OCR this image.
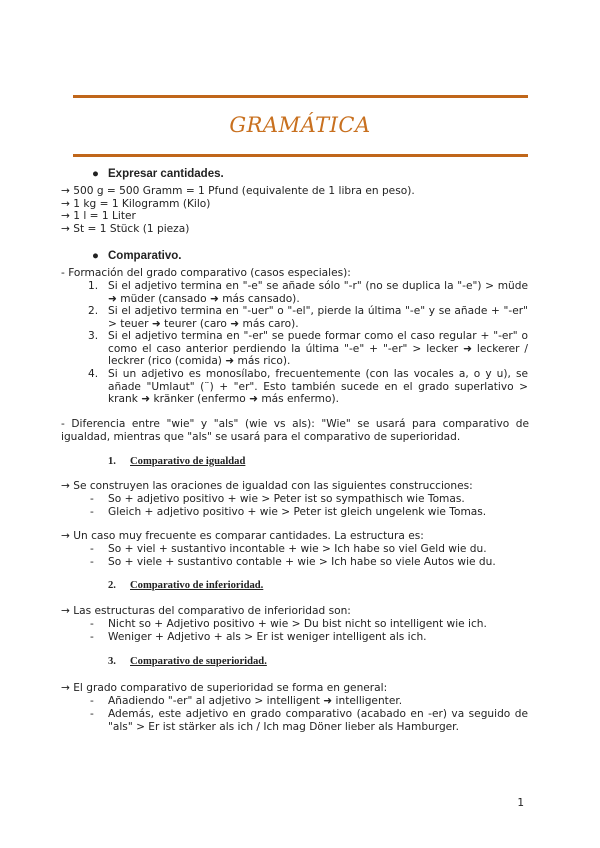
GRAMÁTICA
● Expresar cantidades.
→ 500 g = 500 Gramm = 1 Pfund (equivalente de 1 libra en peso).
→ 1 kg = 1 Kilogramm (Kilo)
→ 1 l = 1 Liter
→ St = 1 Stück (1 pieza)
● Comparativo.
- Formación del grado comparativo (casos especiales):
1. Si el adjetivo termina en "-e" se añade sólo "-r" (no se duplica la "-e") > müde ➜ müder (cansado ➜ más cansado).
2. Si el adjetivo termina en "-uer" o "-el", pierde la última "-e" y se añade + "-er" > teuer ➜ teurer (caro ➜ más caro).
3. Si el adjetivo termina en "-er" se puede formar como el caso regular + "-er" o como el caso anterior perdiendo la última "-e" + "-er" > lecker ➜ leckerer / leckrer (rico (comida) ➜ más rico).
4. Si un adjetivo es monosílabo, frecuentemente (con las vocales a, o y u), se añade "Umlaut" (¨) + "er". Esto también sucede en el grado superlativo > krank ➜ kränker (enfermo ➜ más enfermo).
- Diferencia entre "wie" y "als" (wie vs als): "Wie" se usará para comparativo de igualdad, mientras que "als" se usará para el comparativo de superioridad.
1. Comparativo de igualdad
→ Se construyen las oraciones de igualdad con las siguientes construcciones:
- So + adjetivo positivo + wie > Peter ist so sympathisch wie Tomas.
- Gleich + adjetivo positivo + wie > Peter ist gleich ungelenk wie Tomas.
→ Un caso muy frecuente es comparar cantidades. La estructura es:
- So + viel + sustantivo incontable + wie > Ich habe so viel Geld wie du.
- So + viele + sustantivo contable + wie > Ich habe so viele Autos wie du.
2. Comparativo de inferioridad.
→ Las estructuras del comparativo de inferioridad son:
- Nicht so + Adjetivo positivo + wie > Du bist nicht so intelligent wie ich.
- Weniger + Adjetivo + als > Er ist weniger intelligent als ich.
3. Comparativo de superioridad.
→ El grado comparativo de superioridad se forma en general:
- Añadiendo "-er" al adjetivo > intelligent ➜ intelligenter.
- Además, este adjetivo en grado comparativo (acabado en -er) va seguido de "als" > Er ist stärker als ich / Ich mag Döner lieber als Hamburger.
1
